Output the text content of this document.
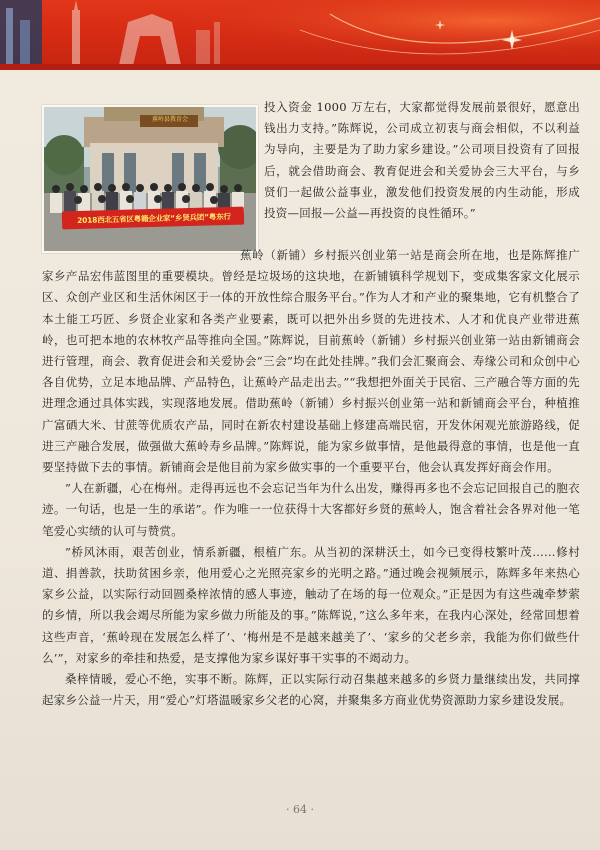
蕉岭县教育会
2018西北五省区粤籍企业家“乡贤兵团”粤东行

投入资金 1000 万左右，大家都觉得发展前景很好，愿意出钱出力支持。”陈辉说，公司成立初衷与商会相似，不以利益为导向，主要是为了助力家乡建设。”公司项目投资有了回报后，就会借助商会、教育促进会和关爱协会三大平台，与乡贤们一起做公益事业，激发他们投资发展的内生动能，形成投资—回报—公益—再投资的良性循环。”

蕉岭（新铺）乡村振兴创业第一站是商会所在地，也是陈辉推广家乡产品宏伟蓝图里的重要模块。曾经是垃圾场的这块地，在新铺镇科学规划下，变成集客家文化展示区、众创产业区和生活休闲区于一体的开放性综合服务平台。”作为人才和产业的聚集地，它有机整合了本土能工巧匠、乡贤企业家和各类产业要素，既可以把外出乡贤的先进技术、人才和优良产业带进蕉岭，也可把本地的农林牧产品等推向全国。”陈辉说，目前蕉岭（新铺）乡村振兴创业第一站由新铺商会进行管理，商会、教育促进会和关爱协会“三会”均在此处挂牌。”我们会汇聚商会、寿缘公司和众创中心各自优势，立足本地品牌、产品特色，让蕉岭产品走出去。”“我想把外面关于民宿、三产融合等方面的先进理念通过具体实践，实现落地发展。借助蕉岭（新铺）乡村振兴创业第一站和新铺商会平台，种植推广富硒大米、甘蔗等优质农产品，同时在新农村建设基础上修建高端民宿，开发休闲观光旅游路线，促进三产融合发展，做强做大蕉岭寿乡品牌。”陈辉说，能为家乡做事情，是他最得意的事情，也是他一直要坚持做下去的事情。新铺商会是他目前为家乡做实事的一个重要平台，他会认真发挥好商会作用。

”人在新疆，心在梅州。走得再远也不会忘记当年为什么出发，赚得再多也不会忘记回报自己的胞衣迹。一句话，也是一生的承诺”。作为唯一一位获得十大客都好乡贤的蕉岭人，饱含着社会各界对他一笔笔爱心实绩的认可与赞赏。

”桥风沐雨，艰苦创业，情系新疆，根植广东。从当初的深耕沃土，如今已变得枝繁叶茂……修村道、捐善款，扶助贫困乡亲，他用爱心之光照亮家乡的光明之路。”通过晚会视频展示，陈辉多年来热心家乡公益，以实际行动回圆桑梓浓情的感人事迹，触动了在场的每一位观众。”正是因为有这些魂牵梦萦的乡情，所以我会竭尽所能为家乡做力所能及的事。”陈辉说，”这么多年来，在我内心深处，经常回想着这些声音，‘蕉岭现在发展怎么样了’、‘梅州是不是越来越美了’、‘家乡的父老乡亲，我能为你们做些什么’”，对家乡的牵挂和热爱，是支撑他为家乡谋好事干实事的不竭动力。

桑梓情暖，爱心不绝，实事不断。陈辉，正以实际行动召集越来越多的乡贤力量继续出发，共同撑起家乡公益一片天，用“爱心”灯塔温暖家乡父老的心窝，并聚集多方商业优势资源助力家乡建设发展。

· 64 ·
